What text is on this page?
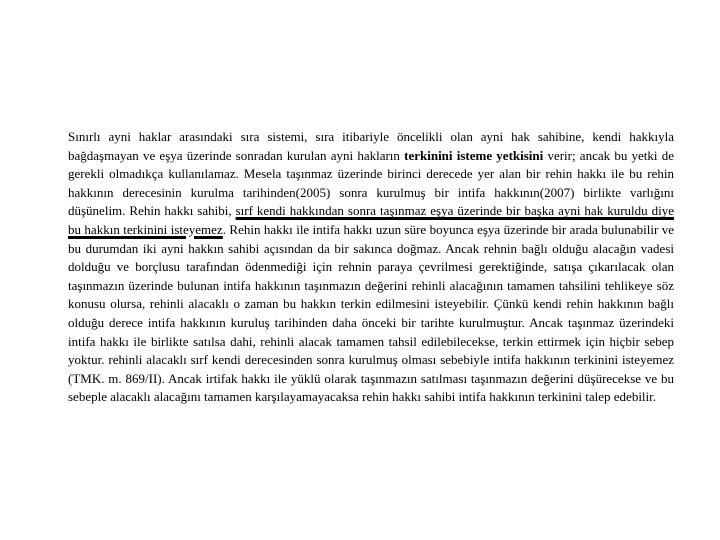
Sınırlı ayni haklar arasındaki sıra sistemi, sıra itibariyle öncelikli olan ayni hak sahibine, kendi hakkıyla bağdaşmayan ve eşya üzerinde sonradan kurulan ayni hakların terkinini isteme yetkisini verir; ancak bu yetki de gerekli olmadıkça kullanılamaz. Mesela taşınmaz üzerinde birinci derecede yer alan bir rehin hakkı ile bu rehin hakkının derecesinin kurulma tarihinden(2005) sonra kurulmuş bir intifa hakkının(2007) birlikte varlığını düşünelim. Rehin hakkı sahibi, sırf kendi hakkından sonra taşınmaz eşya üzerinde bir başka ayni hak kuruldu diye bu hakkın terkinini isteyemez. Rehin hakkı ile intifa hakkı uzun süre boyunca eşya üzerinde bir arada bulunabilir ve bu durumdan iki ayni hakkın sahibi açısından da bir sakınca doğmaz. Ancak rehnin bağlı olduğu alacağın vadesi dolduğu ve borçlusu tarafından ödenmediği için rehnin paraya çevrilmesi gerektiğinde, satışa çıkarılacak olan taşınmazın üzerinde bulunan intifa hakkının taşınmazın değerini rehinli alacağının tamamen tahsilini tehlikeye söz konusu olursa, rehinli alacaklı o zaman bu hakkın terkin edilmesini isteyebilir. Çünkü kendi rehin hakkının bağlı olduğu derece intifa hakkının kuruluş tarihinden daha önceki bir tarihte kurulmuştur. Ancak taşınmaz üzerindeki intifa hakkı ile birlikte satılsa dahi, rehinli alacak tamamen tahsil edilebilecekse, terkin ettirmek için hiçbir sebep yoktur. rehinli alacaklı sırf kendi derecesinden sonra kurulmuş olması sebebiyle intifa hakkının terkinini isteyemez (TMK. m. 869/II). Ancak irtifak hakkı ile yüklü olarak taşınmazın satılması taşınmazın değerini düşürecekse ve bu sebeple alacaklı alacağını tamamen karşılayamayacaksa rehin hakkı sahibi intifa hakkının terkinini talep edebilir.
